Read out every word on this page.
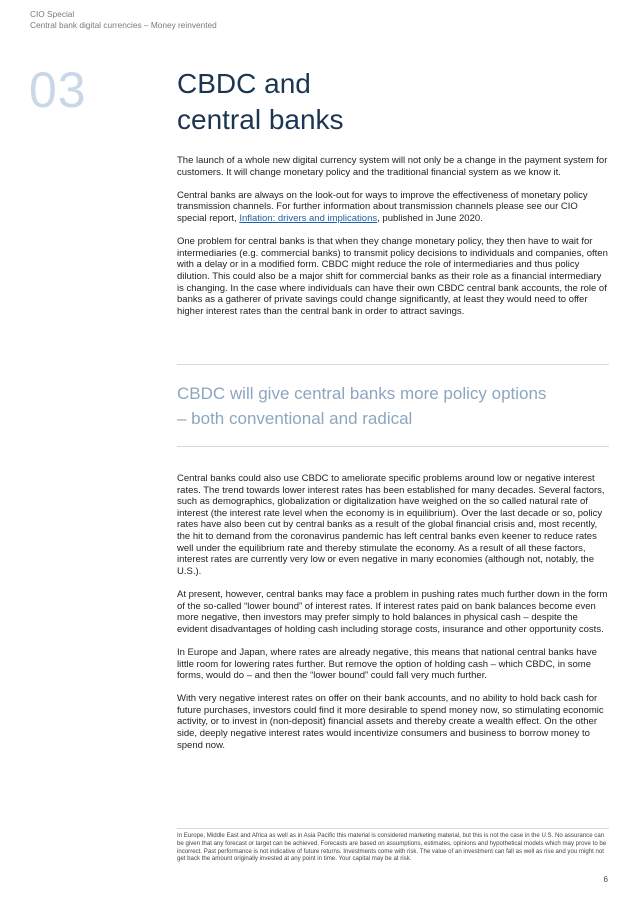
CIO Special
Central bank digital currencies – Money reinvented
03	CBDC and
central banks

The launch of a whole new digital currency system will not only be a change in the payment system for customers. It will change monetary policy and the traditional financial system as we know it.

Central banks are always on the look-out for ways to improve the effectiveness of monetary policy transmission channels. For further information about transmission channels please see our CIO special report, Inflation: drivers and implications, published in June 2020.

One problem for central banks is that when they change monetary policy, they then have to wait for intermediaries (e.g. commercial banks) to transmit policy decisions to individuals and companies, often with a delay or in a modified form. CBDC might reduce the role of intermediaries and thus policy dilution. This could also be a major shift for commercial banks as their role as a financial intermediary is changing. In the case where individuals can have their own CBDC central bank accounts, the role of banks as a gatherer of private savings could change significantly, at least they would need to offer higher interest rates than the central bank in order to attract savings.

CBDC will give central banks more policy options
– both conventional and radical

Central banks could also use CBDC to ameliorate specific problems around low or negative interest rates. The trend towards lower interest rates has been established for many decades. Several factors, such as demographics, globalization or digitalization have weighed on the so called natural rate of interest (the interest rate level when the economy is in equilibrium). Over the last decade or so, policy rates have also been cut by central banks as a result of the global financial crisis and, most recently, the hit to demand from the coronavirus pandemic has left central banks even keener to reduce rates well under the equilibrium rate and thereby stimulate the economy. As a result of all these factors, interest rates are currently very low or even negative in many economies (although not, notably, the U.S.).

At present, however, central banks may face a problem in pushing rates much further down in the form of the so-called “lower bound” of interest rates. If interest rates paid on bank balances become even more negative, then investors may prefer simply to hold balances in physical cash – despite the evident disadvantages of holding cash including storage costs, insurance and other opportunity costs.

In Europe and Japan, where rates are already negative, this means that national central banks have little room for lowering rates further. But remove the option of holding cash – which CBDC, in some forms, would do – and then the “lower bound” could fall very much further.

With very negative interest rates on offer on their bank accounts, and no ability to hold back cash for future purchases, investors could find it more desirable to spend money now, so stimulating economic activity, or to invest in (non-deposit) financial assets and thereby create a wealth effect. On the other side, deeply negative interest rates would incentivize consumers and business to borrow money to spend now.

In Europe, Middle East and Africa as well as in Asia Pacific this material is considered marketing material, but this is not the case in the U.S. No assurance can be given that any forecast or target can be achieved. Forecasts are based on assumptions, estimates, opinions and hypothetical models which may prove to be incorrect. Past performance is not indicative of future returns. Investments come with risk. The value of an investment can fall as well as rise and you might not get back the amount originally invested at any point in time. Your capital may be at risk.

6
